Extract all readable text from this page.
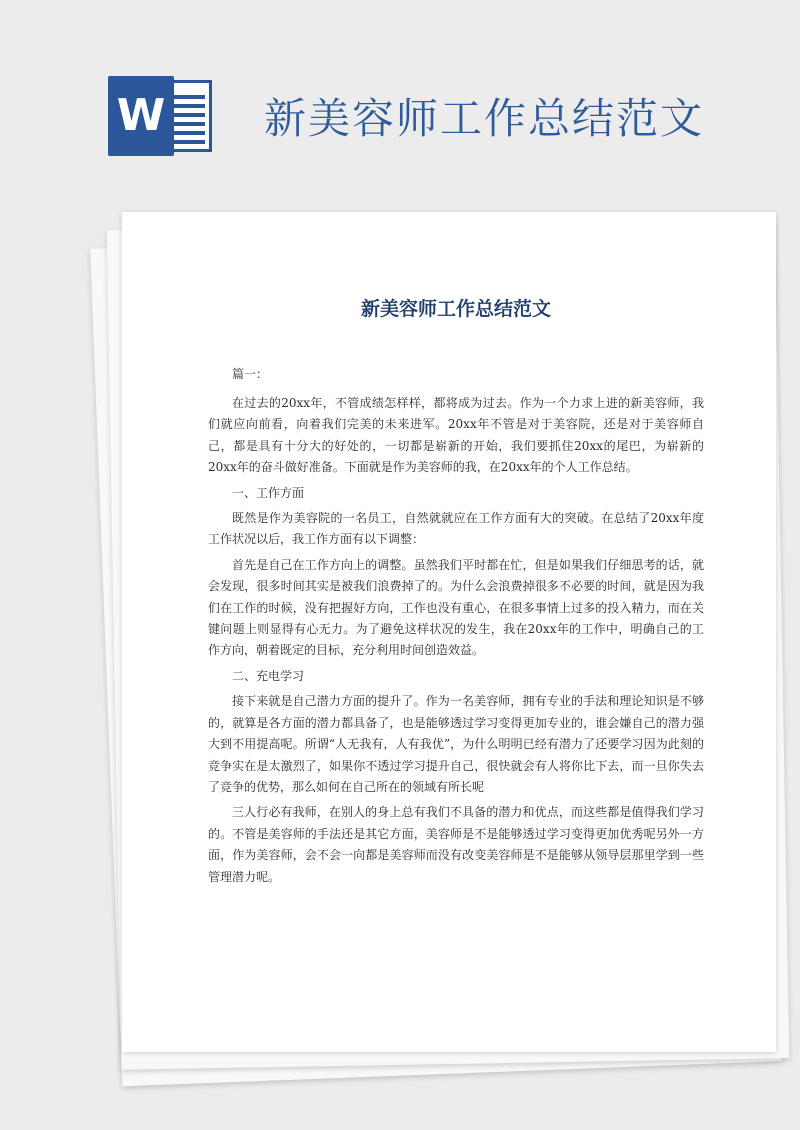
W 新美容师工作总结范文
新美容师工作总结范文
篇一：

在过去的20xx年，不管成绩怎样样，都将成为过去。作为一个力求上进的新美容师，我们就应向前看，向着我们完美的未来进军。20xx年不管是对于美容院，还是对于美容师自己，都是具有十分大的好处的，一切都是崭新的开始，我们要抓住20xx的尾巴，为崭新的20xx年的奋斗做好准备。下面就是作为美容师的我，在20xx年的个人工作总结。

一、工作方面

既然是作为美容院的一名员工，自然就就应在工作方面有大的突破。在总结了20xx年度工作状况以后，我工作方面有以下调整：

首先是自己在工作方向上的调整。虽然我们平时都在忙，但是如果我们仔细思考的话，就会发现，很多时间其实是被我们浪费掉了的。为什么会浪费掉很多不必要的时间，就是因为我们在工作的时候，没有把握好方向，工作也没有重心，在很多事情上过多的投入精力，而在关键问题上则显得有心无力。为了避免这样状况的发生，我在20xx年的工作中，明确自己的工作方向，朝着既定的目标，充分利用时间创造效益。

二、充电学习

接下来就是自己潜力方面的提升了。作为一名美容师，拥有专业的手法和理论知识是不够的，就算是各方面的潜力都具备了，也是能够透过学习变得更加专业的，谁会嫌自己的潜力强大到不用提高呢。所谓“人无我有，人有我优”，为什么明明已经有潜力了还要学习因为此刻的竞争实在是太激烈了，如果你不透过学习提升自己，很快就会有人将你比下去，而一旦你失去了竞争的优势，那么如何在自己所在的领域有所长呢

三人行必有我师，在别人的身上总有我们不具备的潜力和优点，而这些都是值得我们学习的。不管是美容师的手法还是其它方面，美容师是不是能够透过学习变得更加优秀呢另外一方面，作为美容师，会不会一向都是美容师而没有改变美容师是不是能够从领导层那里学到一些管理潜力呢。
